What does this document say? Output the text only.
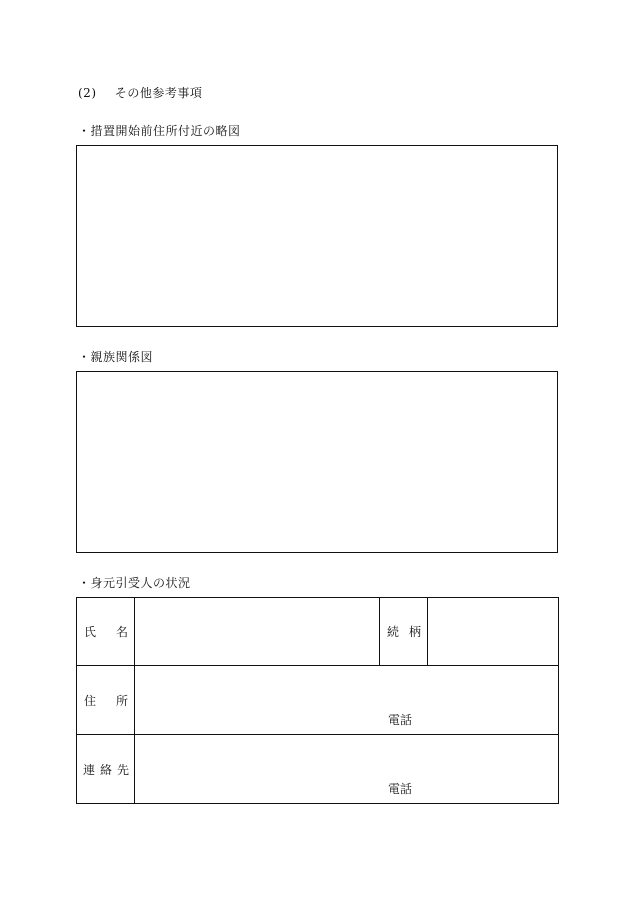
(2) その他参考事項
・措置開始前住所付近の略図
・親族関係図
・身元引受人の状況
氏 名		続 柄	

住 所	電話		

連 絡 先	電話		
